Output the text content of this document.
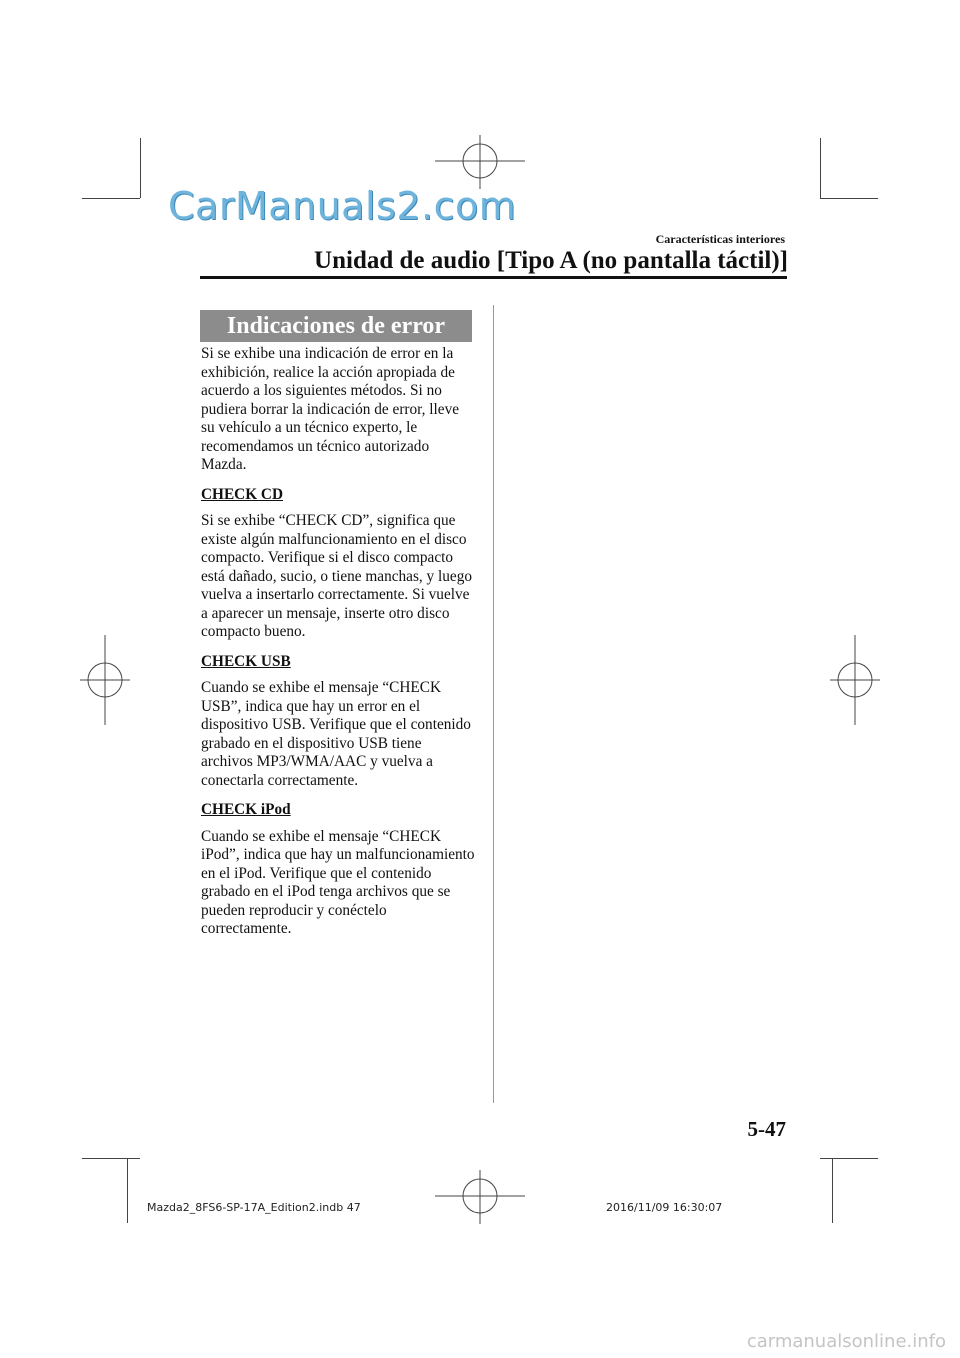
CarManuals2.com
Características interiores
Unidad de audio [Tipo A (no pantalla táctil)]
Indicaciones de error

Si se exhibe una indicación de error en la exhibición, realice la acción apropiada de acuerdo a los siguientes métodos. Si no pudiera borrar la indicación de error, lleve su vehículo a un técnico experto, le recomendamos un técnico autorizado Mazda.

CHECK CD

Si se exhibe “CHECK CD”, significa que existe algún malfuncionamiento en el disco compacto. Verifique si el disco compacto está dañado, sucio, o tiene manchas, y luego vuelva a insertarlo correctamente. Si vuelve a aparecer un mensaje, inserte otro disco compacto bueno.

CHECK USB

Cuando se exhibe el mensaje “CHECK USB”, indica que hay un error en el dispositivo USB. Verifique que el contenido grabado en el dispositivo USB tiene archivos MP3/WMA/AAC y vuelva a conectarla correctamente.

CHECK iPod

Cuando se exhibe el mensaje “CHECK iPod”, indica que hay un malfuncionamiento en el iPod. Verifique que el contenido grabado en el iPod tenga archivos que se pueden reproducir y conéctelo correctamente.

5-47
Mazda2_8FS6-SP-17A_Edition2.indb 47	2016/11/09 16:30:07
carmanualsonline.info
